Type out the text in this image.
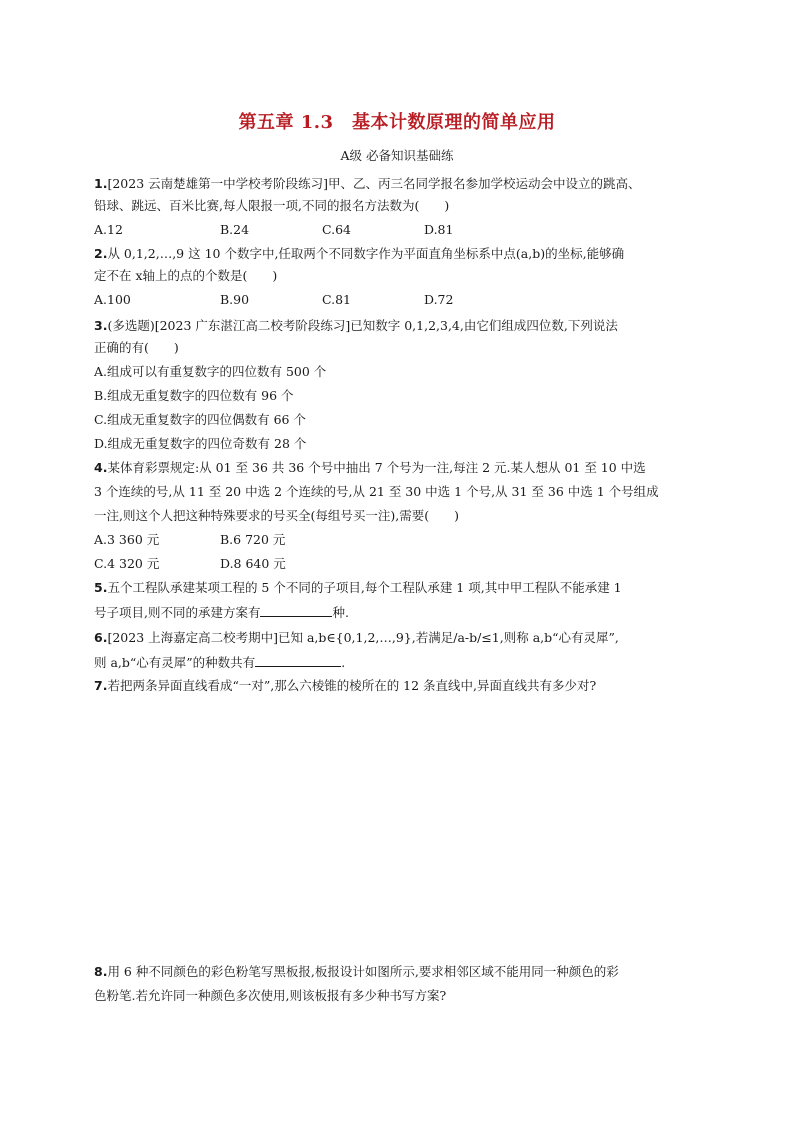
第五章 1.3　基本计数原理的简单应用
A级 必备知识基础练
1.[2023 云南楚雄第一中学校考阶段练习]甲、乙、丙三名同学报名参加学校运动会中设立的跳高、
铅球、跳远、百米比赛,每人限报一项,不同的报名方法数为(　　)
A.12	B.24	C.64	D.81
2.从 0,1,2,…,9 这 10 个数字中,任取两个不同数字作为平面直角坐标系中点(a,b)的坐标,能够确
定不在 x轴上的点的个数是(　　)
A.100	B.90	C.81	D.72
3.(多选题)[2023 广东湛江高二校考阶段练习]已知数字 0,1,2,3,4,由它们组成四位数,下列说法
正确的有(　　)
A.组成可以有重复数字的四位数有 500 个
B.组成无重复数字的四位数有 96 个
C.组成无重复数字的四位偶数有 66 个
D.组成无重复数字的四位奇数有 28 个
4.某体育彩票规定:从 01 至 36 共 36 个号中抽出 7 个号为一注,每注 2 元.某人想从 01 至 10 中选
3 个连续的号,从 11 至 20 中选 2 个连续的号,从 21 至 30 中选 1 个号,从 31 至 36 中选 1 个号组成
一注,则这个人把这种特殊要求的号买全(每组号买一注),需要(　　)
A.3 360 元	B.6 720 元
C.4 320 元	D.8 640 元
5.五个工程队承建某项工程的 5 个不同的子项目,每个工程队承建 1 项,其中甲工程队不能承建 1
号子项目,则不同的承建方案有	种.
6.[2023 上海嘉定高二校考期中]已知 a,b∈{0,1,2,…,9},若满足/a-b/≤1,则称 a,b“心有灵犀”,
则 a,b“心有灵犀”的种数共有	.
7.若把两条异面直线看成“一对”,那么六棱锥的棱所在的 12 条直线中,异面直线共有多少对?
8.用 6 种不同颜色的彩色粉笔写黑板报,板报设计如图所示,要求相邻区域不能用同一种颜色的彩
色粉笔.若允许同一种颜色多次使用,则该板报有多少种书写方案?
